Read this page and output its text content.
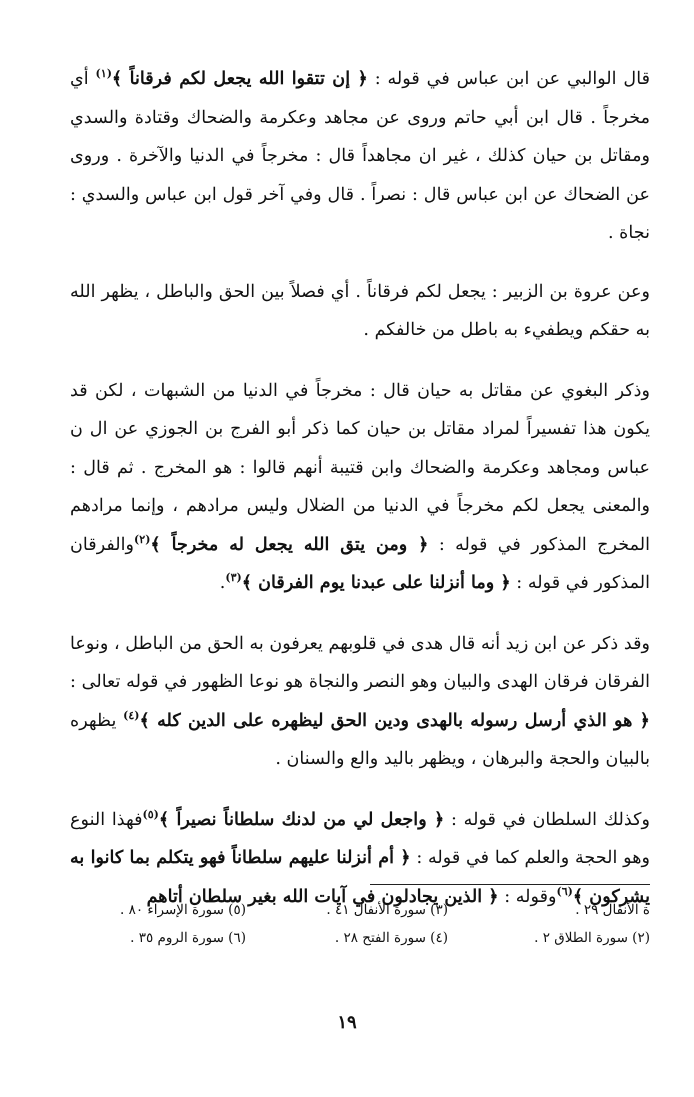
قال الوالبي عن ابن عباس في قوله : ﴿ إن تتقوا الله يجعل لكم فرقاناً ﴾$^{(١)}$ أي مخرجاً . قال ابن أبي حاتم وروى عن مجاهد وعكرمة والضحاك وقتادة والسدي ومقاتل بن حيان كذلك ، غير ان مجاهداً قال : مخرجاً في الدنيا والآخرة . وروى عن الضحاك عن ابن عباس قال : نصراً . قال وفي آخر قول ابن عباس والسدي : نجاة .

وعن عروة بن الزبير : يجعل لكم فرقاناً . أي فصلاً بين الحق والباطل ، يظهر الله به حقكم ويطفيء به باطل من خالفكم .

وذكر البغوي عن مقاتل به حيان قال : مخرجاً في الدنيا من الشبهات ، لكن قد يكون هذا تفسيراً لمراد مقاتل بن حيان كما ذكر أبو الفرج بن الجوزي عن ال ن عباس ومجاهد وعكرمة والضحاك وابن قتيبة أنهم قالوا : هو المخرج . ثم قال : والمعنى يجعل لكم مخرجاً في الدنيا من الضلال وليس مرادهم ، وإنما مرادهم المخرج المذكور في قوله : ﴿ ومن يتق الله يجعل له مخرجاً ﴾$^{(٢)}$والفرقان المذكور في قوله : ﴿ وما أنزلنا على عبدنا يوم الفرقان ﴾$^{(٣)}$.

وقد ذكر عن ابن زيد أنه قال هدى في قلوبهم يعرفون به الحق من الباطل ، ونوعا الفرقان فرقان الهدى والبيان وهو النصر والنجاة هو نوعا الظهور في قوله تعالى : ﴿ هو الذي أرسل رسوله بالهدى ودين الحق ليظهره على الدين كله ﴾$^{(٤)}$ يظهره بالبيان والحجة والبرهان ، ويظهر باليد والع والسنان .

وكذلك السلطان في قوله : ﴿ واجعل لي من لدنك سلطاناً نصيراً ﴾$^{(٥)}$فهذا النوع وهو الحجة والعلم كما في قوله : ﴿ أم أنزلنا عليهم سلطاناً فهو يتكلم بما كانوا به يشركون ﴾$^{(٦)}$وقوله : ﴿ الذين يجادلون في آيات الله بغير سلطان أتاهم

ة الأنفال ٢٩ .
(٣) سورة الأنفال ٤١ .
(٥) سورة الإسراء ٨٠ .
(٢) سورة الطلاق ٢ .
(٤) سورة الفتح ٢٨ .
(٦) سورة الروم ٣٥ .
١٩
